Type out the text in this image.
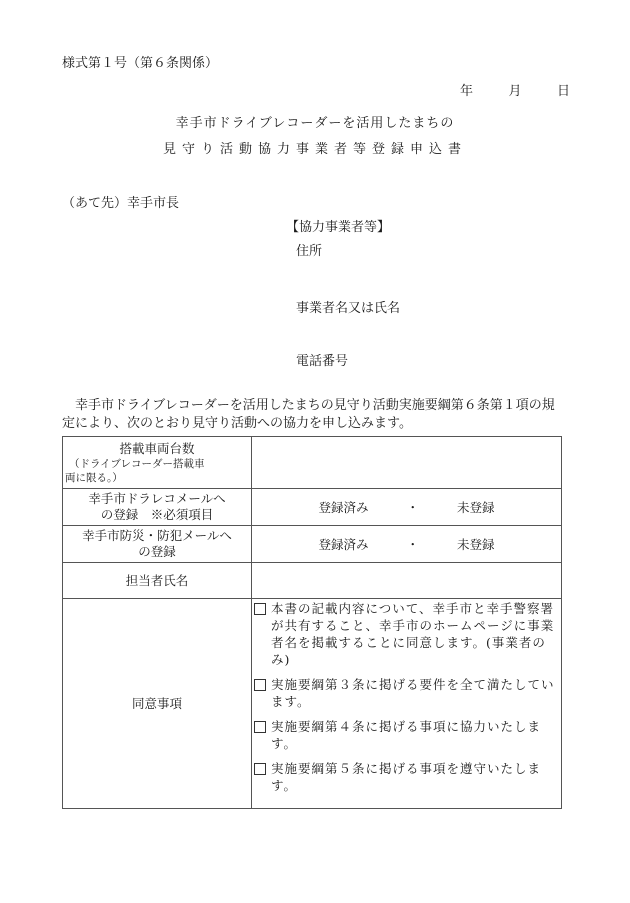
様式第１号（第６条関係）
年	月	日
幸手市ドライブレコーダーを活用したまちの
見守り活動協力事業者等登録申込書
（あて先）幸手市長
【協力事業者等】
住所
事業者名又は氏名
電話番号
幸手市ドライブレコーダーを活用したまちの見守り活動実施要綱第６条第１項の規定により、次のとおり見守り活動への協力を申し込みます。
搭載車両台数
（ドライブレコーダー搭載車
両に限る。）	

幸手市ドラレコメールへ
の登録　※必須項目	登録済み ・ 未登録

幸手市防災・防犯メールへ
の登録	登録済み ・ 未登録
担当者氏名	
同意事項	本書の記載内容について、幸手市と幸手警察署が共有すること、幸手市のホームページに事業者名を掲載することに同意します。(事業者のみ)
実施要綱第３条に掲げる要件を全て満たしています。
実施要綱第４条に掲げる事項に協力いたします。
実施要綱第５条に掲げる事項を遵守いたします。
